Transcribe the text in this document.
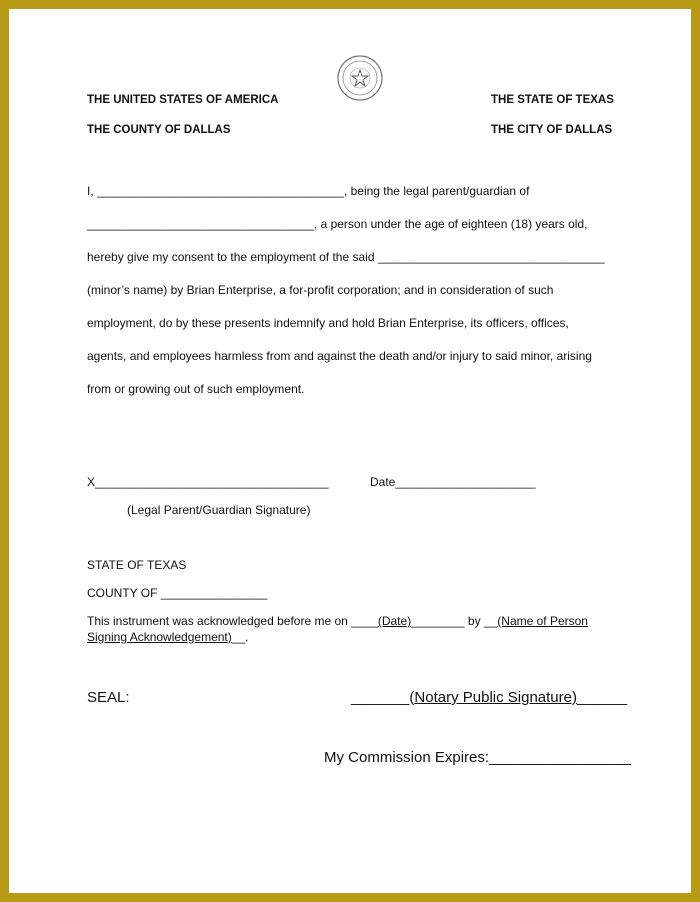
THE UNITED STATES OF AMERICA	THE STATE OF TEXAS
THE COUNTY OF DALLAS	THE CITY OF DALLAS
I, _____________________________________, being the legal parent/guardian of
__________________________________, a person under the age of eighteen (18) years old,
hereby give my consent to the employment of the said __________________________________
(minor’s name) by Brian Enterprise, a for-profit corporation; and in consideration of such
employment, do by these presents indemnify and hold Brian Enterprise, its officers, offices,
agents, and employees harmless from and against the death and/or injury to said minor, arising
from or growing out of such employment.
X___________________________________	Date_____________________
(Legal Parent/Guardian Signature)
STATE OF TEXAS
COUNTY OF ________________
This instrument was acknowledged before me on ____(Date)________ by __(Name of Person
Signing Acknowledgement)__.
SEAL:	_______(Notary Public Signature)______
My Commission Expires:_________________
